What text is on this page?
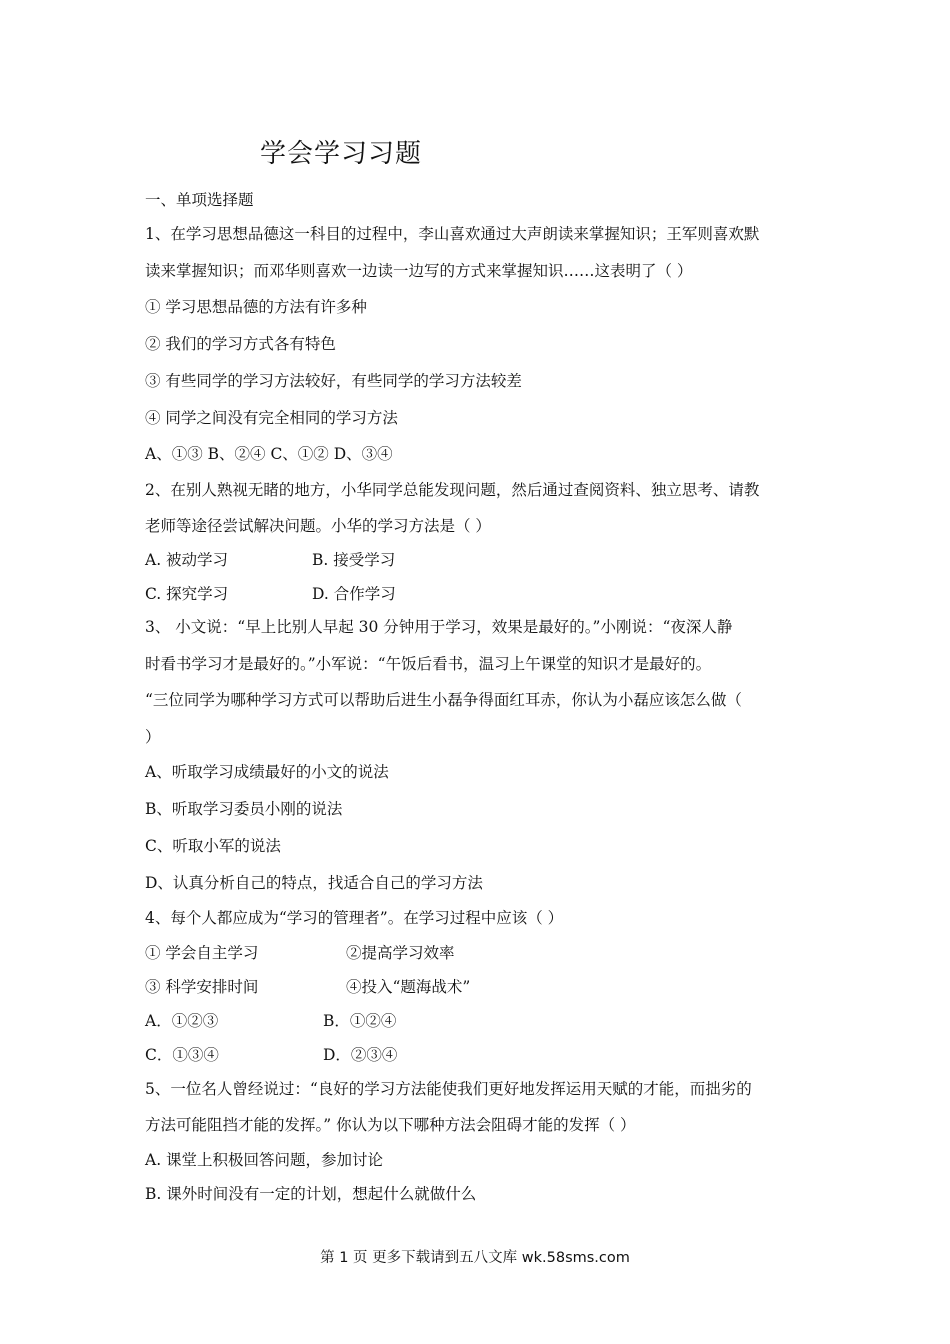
学会学习习题
一、单项选择题
1、在学习思想品德这一科目的过程中，李山喜欢通过大声朗读来掌握知识；王军则喜欢默
读来掌握知识；而邓华则喜欢一边读一边写的方式来掌握知识……这表明了（ ）
① 学习思想品德的方法有许多种
② 我们的学习方式各有特色
③ 有些同学的学习方法较好，有些同学的学习方法较差
④ 同学之间没有完全相同的学习方法
A、①③ B、②④ C、①② D、③④
2、在别人熟视无睹的地方，小华同学总能发现问题，然后通过查阅资料、独立思考、请教
老师等途径尝试解决问题。小华的学习方法是（ ）
A. 被动学习	B. 接受学习
C. 探究学习	D. 合作学习
3、 小文说：“早上比别人早起 30 分钟用于学习，效果是最好的。”小刚说：“夜深人静
时看书学习才是最好的。”小军说：“午饭后看书，温习上午课堂的知识才是最好的。
“三位同学为哪种学习方式可以帮助后进生小磊争得面红耳赤，你认为小磊应该怎么做（
）
A、听取学习成绩最好的小文的说法
B、听取学习委员小刚的说法
C、听取小军的说法
D、认真分析自己的特点，找适合自己的学习方法
4、每个人都应成为“学习的管理者”。在学习过程中应该（ ）
① 学会自主学习	②提高学习效率
③ 科学安排时间	④投入“题海战术”
A．①②③	B．①②④
C．①③④	D．②③④
5、一位名人曾经说过：“良好的学习方法能使我们更好地发挥运用天赋的才能，而拙劣的
方法可能阻挡才能的发挥。” 你认为以下哪种方法会阻碍才能的发挥（ ）
A. 课堂上积极回答问题，参加讨论
B. 课外时间没有一定的计划，想起什么就做什么
第 1 页 更多下载请到五八文库 wk.58sms.com
